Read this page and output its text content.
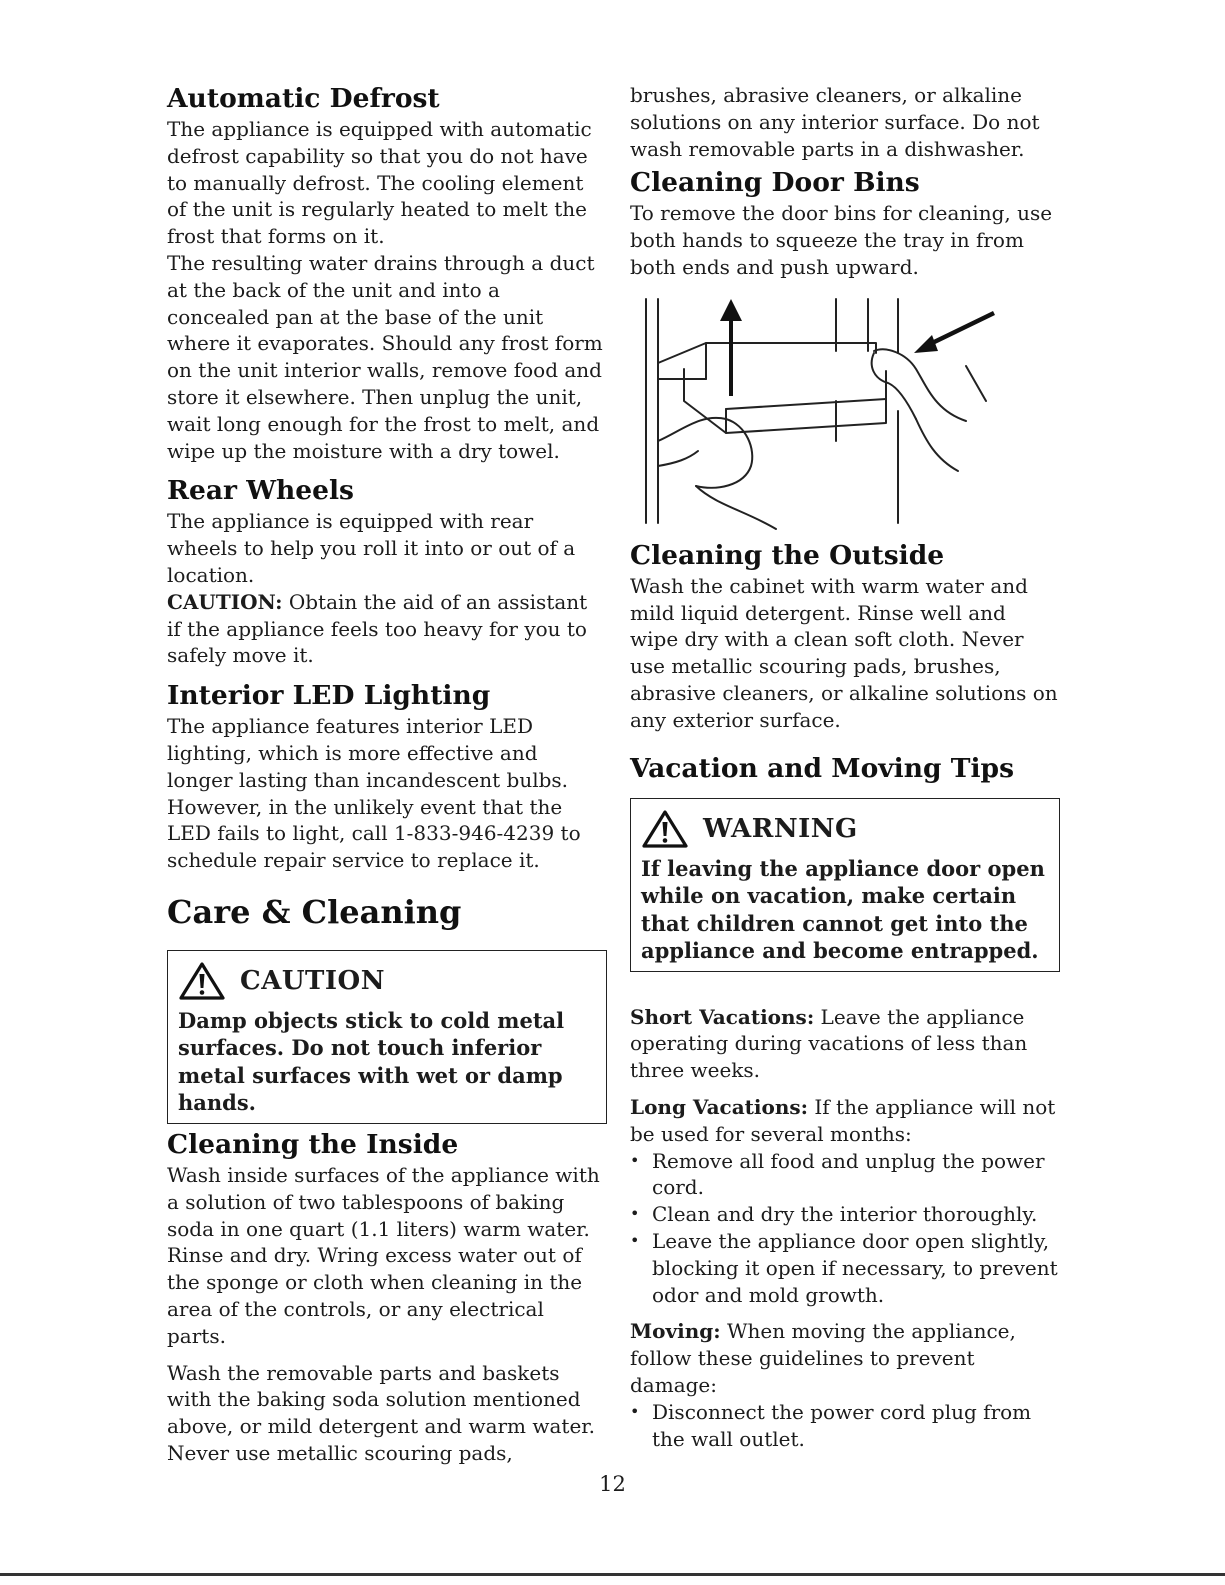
Automatic Defrost

The appliance is equipped with automatic defrost capability so that you do not have to manually defrost. The cooling element of the unit is regularly heated to melt the frost that forms on it.

The resulting water drains through a duct at the back of the unit and into a concealed pan at the base of the unit where it evaporates. Should any frost form on the unit interior walls, remove food and store it elsewhere. Then unplug the unit, wait long enough for the frost to melt, and wipe up the moisture with a dry towel.

Rear Wheels

The appliance is equipped with rear wheels to help you roll it into or out of a location.

CAUTION: Obtain the aid of an assistant if the appliance feels too heavy for you to safely move it.

Interior LED Lighting

The appliance features interior LED lighting, which is more effective and longer lasting than incandescent bulbs. However, in the unlikely event that the LED fails to light, call 1-833-946-4239 to schedule repair service to replace it.

Care & Cleaning
CAUTION
Damp objects stick to cold metal surfaces. Do not touch inferior metal surfaces with wet or damp hands.
Cleaning the Inside

Wash inside surfaces of the appliance with a solution of two tablespoons of baking soda in one quart (1.1 liters) warm water. Rinse and dry. Wring excess water out of the sponge or cloth when cleaning in the area of the controls, or any electrical parts.

Wash the removable parts and baskets with the baking soda solution mentioned above, or mild detergent and warm water. Never use metallic scouring pads,

brushes, abrasive cleaners, or alkaline solutions on any interior surface. Do not wash removable parts in a dishwasher.

Cleaning Door Bins

To remove the door bins for cleaning, use both hands to squeeze the tray in from both ends and push upward.

Cleaning the Outside

Wash the cabinet with warm water and mild liquid detergent. Rinse well and wipe dry with a clean soft cloth. Never use metallic scouring pads, brushes, abrasive cleaners, or alkaline solutions on any exterior surface.

Vacation and Moving Tips
WARNING
If leaving the appliance door open while on vacation, make certain that children cannot get into the appliance and become entrapped.

Short Vacations: Leave the appliance operating during vacations of less than three weeks.

Long Vacations: If the appliance will not be used for several months:

• Remove all food and unplug the power cord.
• Clean and dry the interior thoroughly.
• Leave the appliance door open slightly, blocking it open if necessary, to prevent odor and mold growth.

Moving: When moving the appliance, follow these guidelines to prevent damage:

• Disconnect the power cord plug from the wall outlet.
12
